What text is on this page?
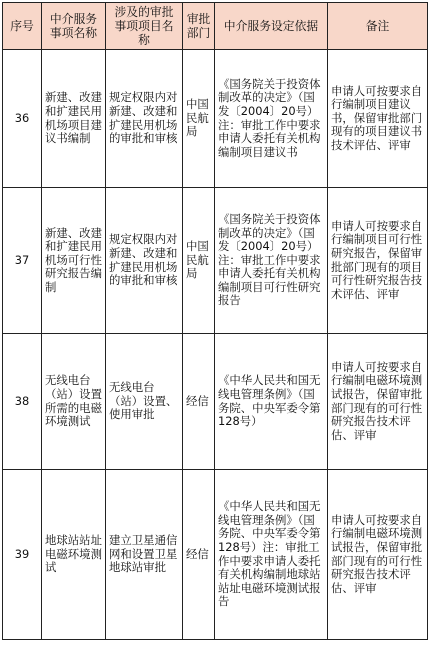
序号	中介服务事项名称	涉及的审批事项项目名称	审批部门	中介服务设定依据	备注
36	新建、改建和扩建民用机场项目建议书编制	规定权限内对新建、改建和扩建民用机场的审批和审核	中国民航局	《国务院关于投资体制改革的决定》（国发〔2004〕20号）注：审批工作中要求申请人委托有关机构编制项目建议书	申请人可按要求自行编制项目建议书，保留审批部门现有的项目建议书技术评估、评审
37	新建、改建和扩建民用机场可行性研究报告编制	规定权限内对新建、改建和扩建民用机场的审批和审核	中国民航局	《国务院关于投资体制改革的决定》（国发〔2004〕20号）注：审批工作中要求申请人委托有关机构编制项目可行性研究报告	申请人可按要求自行编制项目可行性研究报告，保留审批部门现有的项目可行性研究报告技术评估、评审
38	无线电台（站）设置所需的电磁环境测试	无线电台（站）设置、使用审批	经信	《中华人民共和国无线电管理条例》（国务院、中央军委令第128号）	申请人可按要求自行编制电磁环境测试报告，保留审批部门现有的可行性研究报告技术评估、评审
39	地球站站址电磁环境测试	建立卫星通信网和设置卫星地球站审批	经信	《中华人民共和国无线电管理条例》（国务院、中央军委令第128号）注：审批工作中要求申请人委托有关机构编制地球站站址电磁环境测试报告	申请人可按要求自行编制电磁环境测试报告，保留审批部门现有的可行性研究报告技术评估、评审
